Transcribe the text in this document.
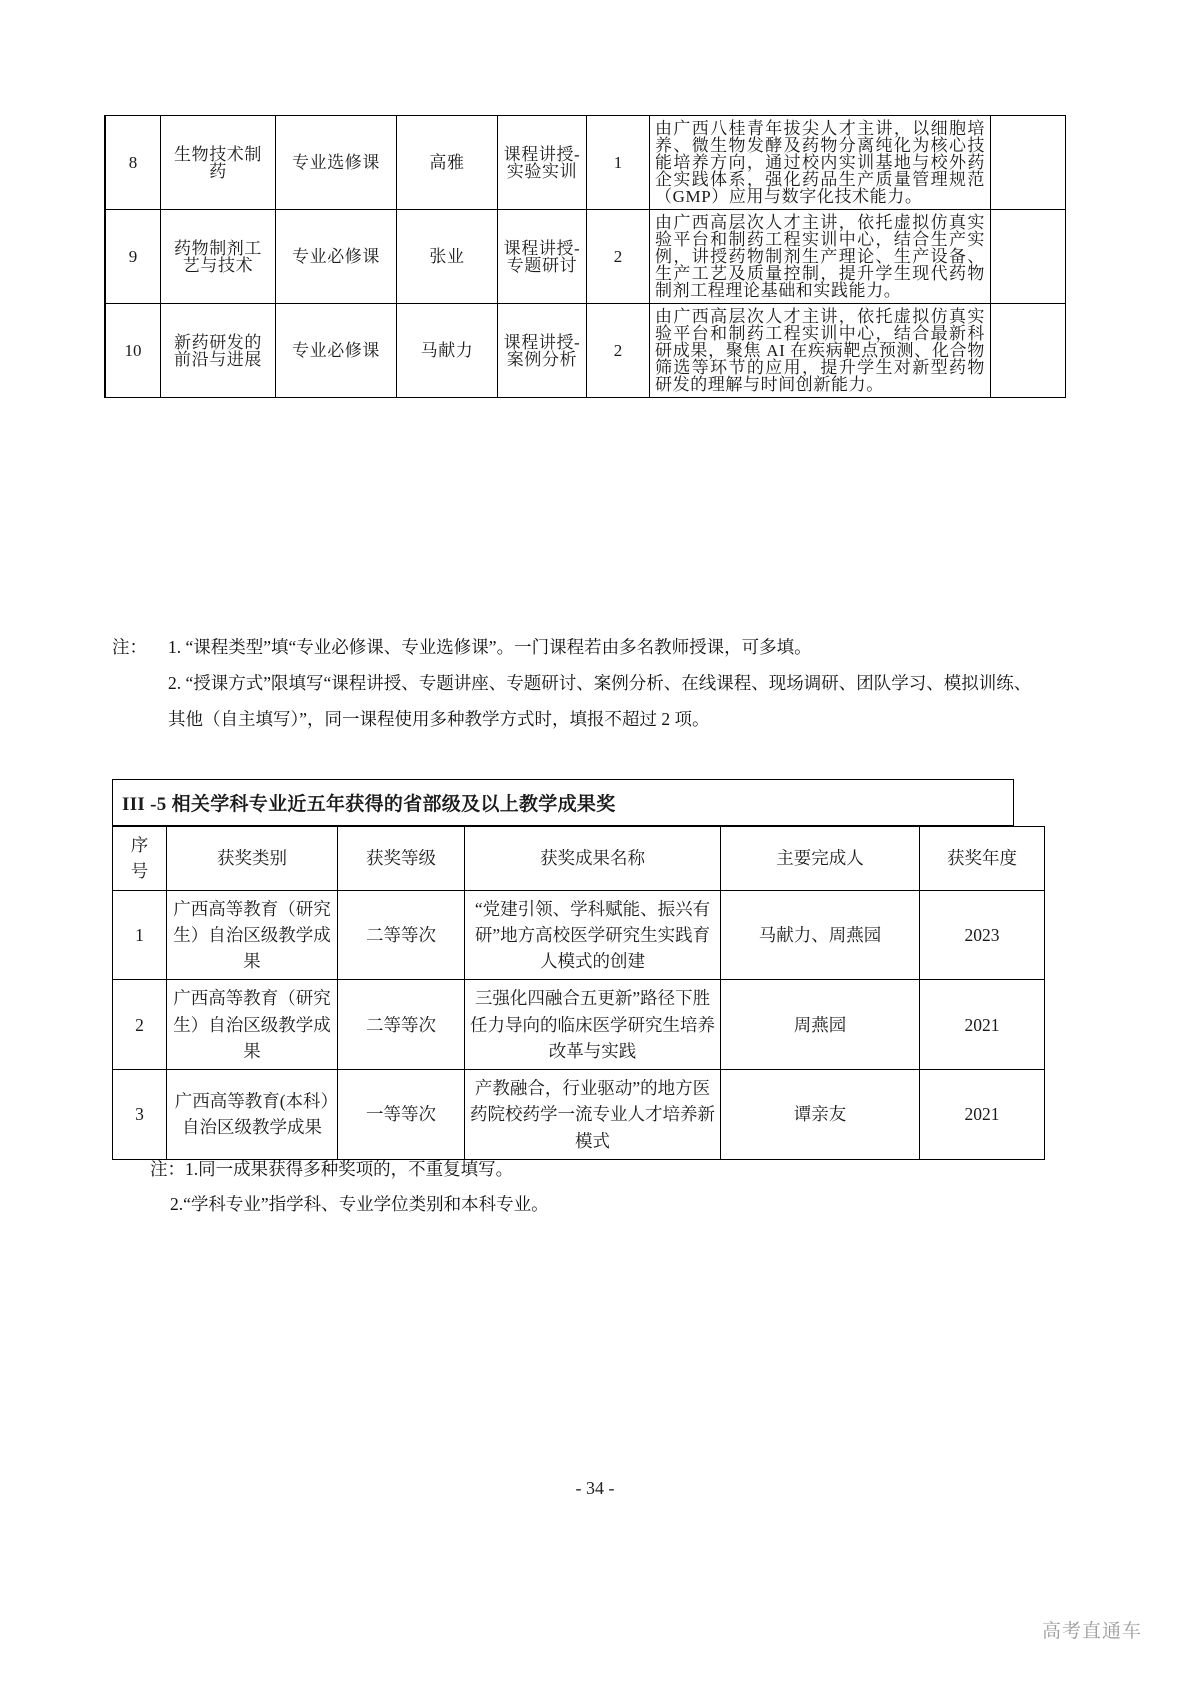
8	生物技术制药	专业选修课	高雅	课程讲授-实验实训	1	由广西八桂青年拔尖人才主讲，以细胞培养、微生物发酵及药物分离纯化为核心技能培养方向，通过校内实训基地与校外药企实践体系，强化药品生产质量管理规范（GMP）应用与数字化技术能力。	
9	药物制剂工艺与技术	专业必修课	张业	课程讲授-专题研讨	2	由广西高层次人才主讲，依托虚拟仿真实验平台和制药工程实训中心，结合生产实例，讲授药物制剂生产理论、生产设备、生产工艺及质量控制，提升学生现代药物制剂工程理论基础和实践能力。	
10	新药研发的前沿与进展	专业必修课	马献力	课程讲授-案例分析	2	由广西高层次人才主讲，依托虚拟仿真实验平台和制药工程实训中心，结合最新科研成果，聚焦 AI 在疾病靶点预测、化合物筛选等环节的应用，提升学生对新型药物研发的理解与时间创新能力。	
注： 1. “课程类型”填“专业必修课、专业选修课”。一门课程若由多名教师授课，可多填。
2. “授课方式”限填写“课程讲授、专题讲座、专题研讨、案例分析、在线课程、现场调研、团队学习、模拟训练、
其他（自主填写）”，同一课程使用多种教学方式时，填报不超过 2 项。
III -5 相关学科专业近五年获得的省部级及以上教学成果奖
序
号	获奖类别	获奖等级	获奖成果名称	主要完成人	获奖年度
1	广西高等教育（研究生）自治区级教学成果	二等等次	“党建引领、学科赋能、振兴有研”地方高校医学研究生实践育人模式的创建	马献力、周燕园	2023
2	广西高等教育（研究生）自治区级教学成果	二等等次	三强化四融合五更新”路径下胜任力导向的临床医学研究生培养改革与实践	周燕园	2021
3	广西高等教育(本科）自治区级教学成果	一等等次	产教融合，行业驱动”的地方医药院校药学一流专业人才培养新模式	谭亲友	2021
注：1.同一成果获得多种奖项的，不重复填写。
2.“学科专业”指学科、专业学位类别和本科专业。
- 34 -
高考直通车
